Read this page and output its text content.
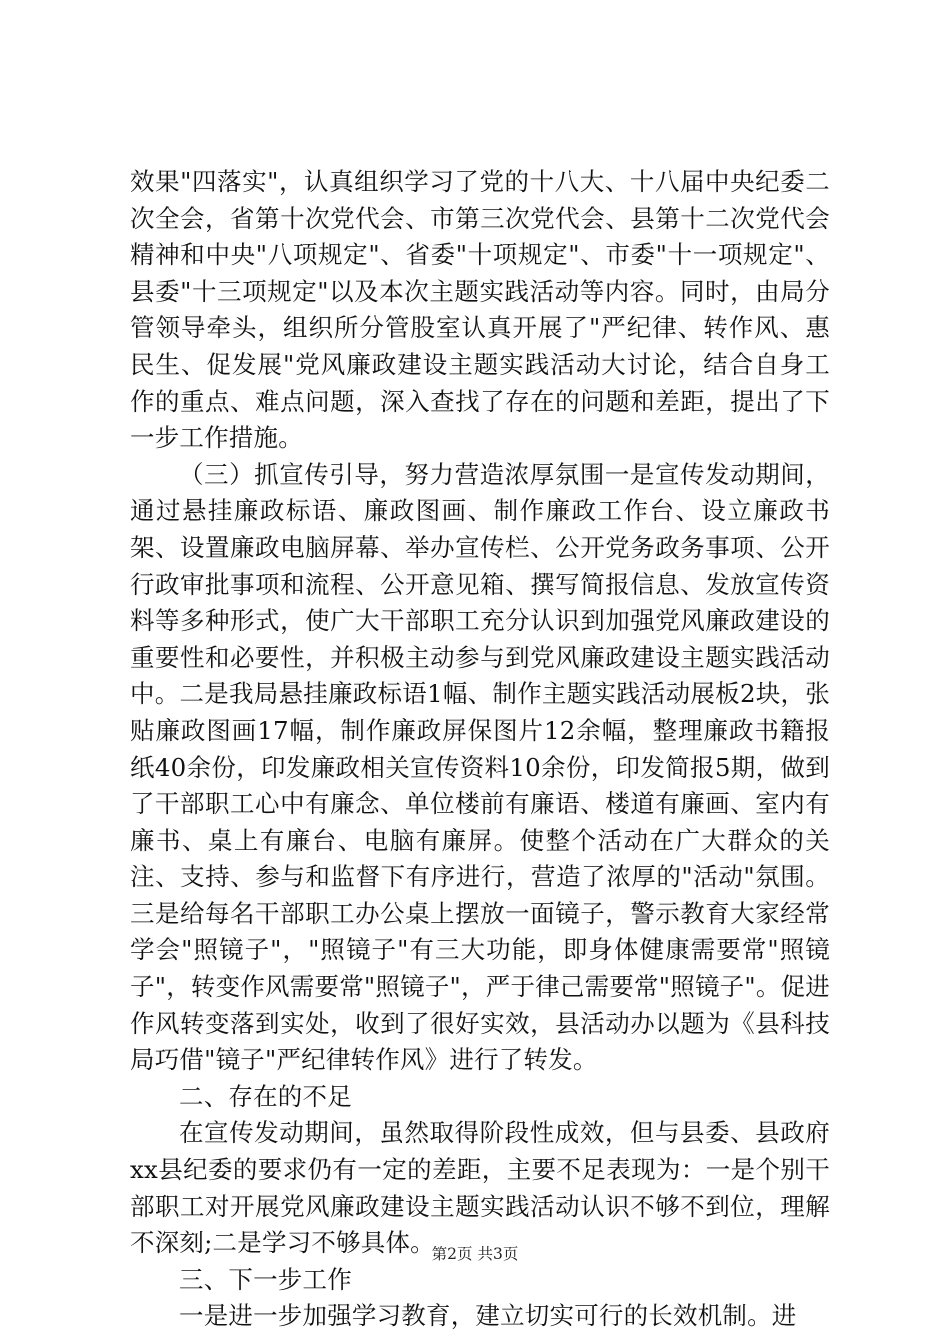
效果"四落实"，认真组织学习了党的十八大、十八届中央纪委二次全会，省第十次党代会、市第三次党代会、县第十二次党代会精神和中央"八项规定"、省委"十项规定"、市委"十一项规定"、县委"十三项规定"以及本次主题实践活动等内容。同时，由局分管领导牵头，组织所分管股室认真开展了"严纪律、转作风、惠民生、促发展"党风廉政建设主题实践活动大讨论，结合自身工作的重点、难点问题，深入查找了存在的问题和差距，提出了下一步工作措施。

（三）抓宣传引导，努力营造浓厚氛围一是宣传发动期间，通过悬挂廉政标语、廉政图画、制作廉政工作台、设立廉政书架、设置廉政电脑屏幕、举办宣传栏、公开党务政务事项、公开行政审批事项和流程、公开意见箱、撰写简报信息、发放宣传资料等多种形式，使广大干部职工充分认识到加强党风廉政建设的重要性和必要性，并积极主动参与到党风廉政建设主题实践活动中。二是我局悬挂廉政标语1幅、制作主题实践活动展板2块，张贴廉政图画17幅，制作廉政屏保图片12余幅，整理廉政书籍报纸40余份，印发廉政相关宣传资料10余份，印发简报5期，做到了干部职工心中有廉念、单位楼前有廉语、楼道有廉画、室内有廉书、桌上有廉台、电脑有廉屏。使整个活动在广大群众的关注、支持、参与和监督下有序进行，营造了浓厚的"活动"氛围。三是给每名干部职工办公桌上摆放一面镜子，警示教育大家经常学会"照镜子"，"照镜子"有三大功能，即身体健康需要常"照镜子"，转变作风需要常"照镜子"，严于律己需要常"照镜子"。促进作风转变落到实处，收到了很好实效，县活动办以题为《县科技局巧借"镜子"严纪律转作风》进行了转发。

二、存在的不足

在宣传发动期间，虽然取得阶段性成效，但与县委、县政府xx县纪委的要求仍有一定的差距，主要不足表现为：一是个别干部职工对开展党风廉政建设主题实践活动认识不够不到位，理解不深刻;二是学习不够具体。

三、下一步工作

一是进一步加强学习教育，建立切实可行的长效机制。进

第2页 共3页
